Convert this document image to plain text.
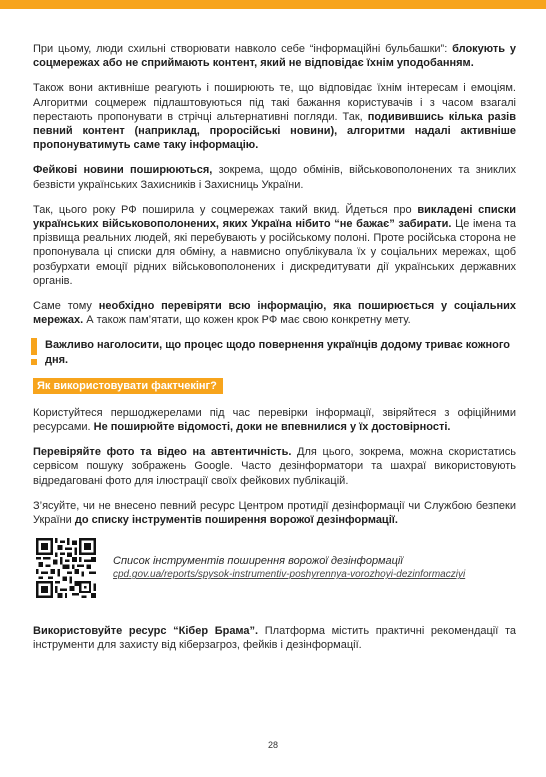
При цьому, люди схильні створювати навколо себе “інформаційні бульбашки”: блокують у соцмережах або не сприймають контент, який не відповідає їхнім уподобанням.

Також вони активніше реагують і поширюють те, що відповідає їхнім інтересам і емоціям. Алгоритми соцмереж підлаштовуються під такі бажання користувачів і з часом взагалі перестають пропонувати в стрічці альтернативні погляди. Так, подивившись кілька разів певний контент (наприклад, проросійські новини), алгоритми надалі активніше пропонуватимуть саме таку інформацію.

Фейкові новини поширюються, зокрема, щодо обмінів, військовополонених та зниклих безвісти українських Захисників і Захисниць України.

Так, цього року РФ поширила у соцмережах такий вкид. Йдеться про викладені списки українських військовополонених, яких Україна нібито “не бажає” забирати. Це імена та прізвища реальних людей, які перебувають у російському полоні. Проте російська сторона не пропонувала ці списки для обміну, а навмисно опублікувала їх у соціальних мережах, щоб розбурхати емоції рідних військовополонених і дискредитувати дії українських державних органів.

Саме тому необхідно перевіряти всю інформацію, яка поширюється у соціальних мережах. А також пам’ятати, що кожен крок РФ має свою конкретну мету.

Важливо наголосити, що процес щодо повернення українців додому триває кожного дня.

Як використовувати фактчекінг?

Користуйтеся першоджерелами під час перевірки інформації, звіряйтеся з офіційними ресурсами. Не поширюйте відомості, доки не впевнилися у їх достовірності.

Перевіряйте фото та відео на автентичність. Для цього, зокрема, можна скористатись сервісом пошуку зображень Google. Часто дезінформатори та шахраї використовують відредаговані фото для ілюстрації своїх фейкових публікацій.

З’ясуйте, чи не внесено певний ресурс Центром протидії дезінформації чи Службою безпеки України до списку інструментів поширення ворожої дезінформації.

Список інструментів поширення ворожої дезінформації
cpd.gov.ua/reports/spysok-instrumentiv-poshyrennya-vorozhoyi-dezinformacziyi

Використовуйте ресурс “Кібер Брама”. Платформа містить практичні рекомендації та інструменти для захисту від кіберзагроз, фейків і дезінформації.

28
